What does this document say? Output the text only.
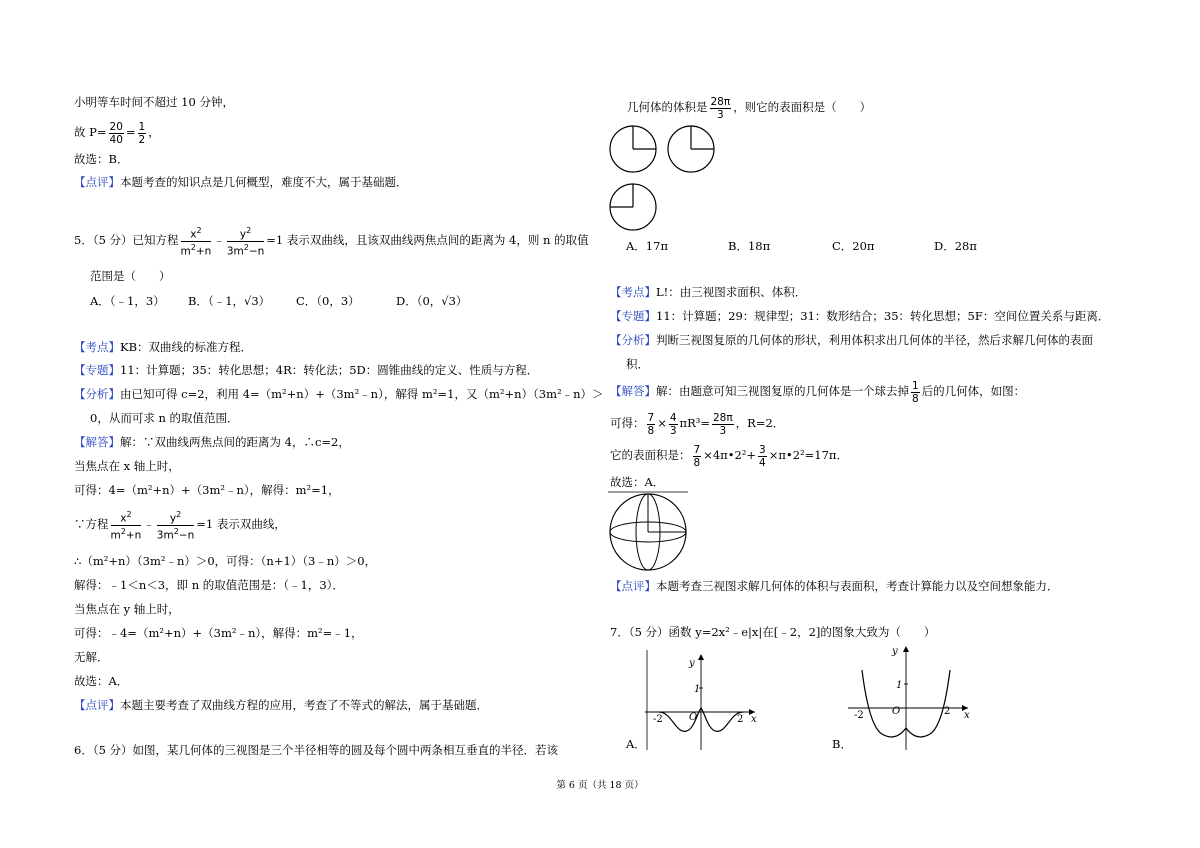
小明等车时间不超过 10 分钟，
故 $P= \frac{20}{40} = \frac{1}{2}$ ，
故选：B．
【点评】本题考查的知识点是几何概型，难度不大，属于基础题．
5．（5 分）已知方程 $\frac{x^2}{m^2+n}$ ﹣ $\frac{y^2}{3m^2-n} =1$ 表示双曲线，且该双曲线两焦点间的距离为 4，则 n 的取值
范围是（　　）
A．（﹣1，3） B．（﹣1，√3） C．（0，3）	D．（0，√3）
【考点】KB：双曲线的标准方程．
【专题】11：计算题；35：转化思想；4R：转化法；5D：圆锥曲线的定义、性质与方程．
【分析】由已知可得 c=2，利用 4=（m²+n）+（3m²﹣n），解得 m²=1，又（m²+n）（3m²﹣n）＞
0，从而可求 n 的取值范围．
【解答】解：∵双曲线两焦点间的距离为 4，∴c=2，
当焦点在 x 轴上时，
可得：4=（m²+n）+（3m²﹣n），解得：m²=1，
∵方程 $\frac{x^2}{m^2+n}$ ﹣ $\frac{y^2}{3m^2-n} =1$ 表示双曲线，
∴（m²+n）（3m²﹣n）＞0，可得：（n+1）（3﹣n）＞0，
解得：﹣1＜n＜3，即 n 的取值范围是：（﹣1，3）．
当焦点在 y 轴上时，
可得：﹣4=（m²+n）+（3m²﹣n），解得：m²=﹣1，
无解．
故选：A．
【点评】本题主要考查了双曲线方程的应用，考查了不等式的解法，属于基础题．
6．（5 分）如图，某几何体的三视图是三个半径相等的圆及每个圆中两条相互垂直的半径．若该
几何体的体积是 $\frac{28\pi}{3}$ ，则它的表面积是（　　）
A．17π	B．18π	C．20π	D．28π
【考点】L!：由三视图求面积、体积．
【专题】11：计算题；29：规律型；31：数形结合；35：转化思想；5F：空间位置关系与距离．
【分析】判断三视图复原的几何体的形状，利用体积求出几何体的半径，然后求解几何体的表面
积．
【解答】解：由题意可知三视图复原的几何体是一个球去掉 $\frac{1}{8}$ 后的几何体，如图：
可得： $\frac{7}{8} \times \frac{4}{3} \pi R^3= \frac{28\pi}{3}$ ，R=2．
它的表面积是： $\frac{7}{8}$ ×4π•2²+ $\frac{3}{4}$ ×π•2²=17π．
故选：A．
【点评】本题考查三视图求解几何体的体积与表面积，考查计算能力以及空间想象能力．
7．（5 分）函数 y=2x²﹣e|x|在[﹣2，2]的图象大致为（　　）
1
y
x
-2	2
O
A．
1
y
x
-2	2
O
B．
第 6 页（共 18 页）
